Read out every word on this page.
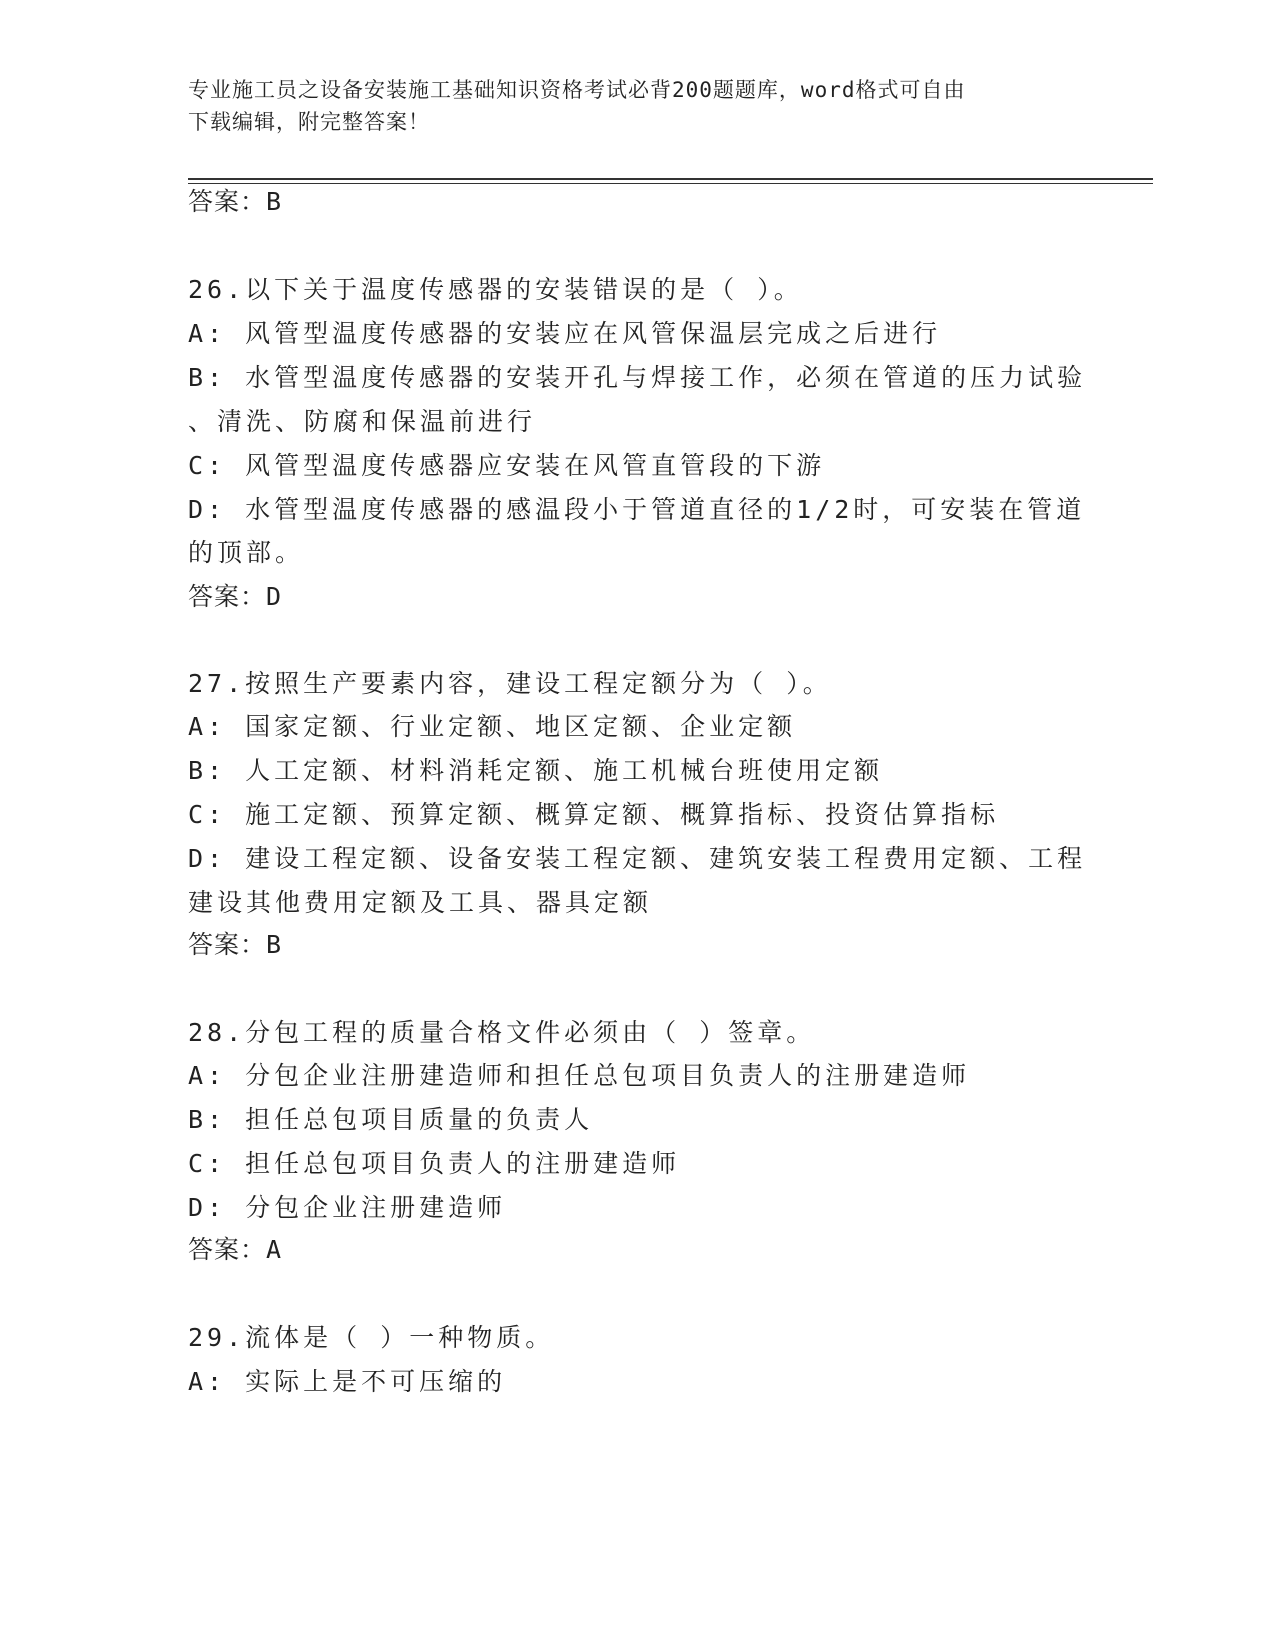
专业施工员之设备安装施工基础知识资格考试必背200题题库，word格式可自由
下载编辑，附完整答案！
答案：B
26.以下关于温度传感器的安装错误的是（ ）。
A: 风管型温度传感器的安装应在风管保温层完成之后进行
B: 水管型温度传感器的安装开孔与焊接工作，必须在管道的压力试验
、清洗、防腐和保温前进行
C: 风管型温度传感器应安装在风管直管段的下游
D: 水管型温度传感器的感温段小于管道直径的1/2时，可安装在管道
的顶部。
答案：D
27.按照生产要素内容，建设工程定额分为（ ）。
A: 国家定额、行业定额、地区定额、企业定额
B: 人工定额、材料消耗定额、施工机械台班使用定额
C: 施工定额、预算定额、概算定额、概算指标、投资估算指标
D: 建设工程定额、设备安装工程定额、建筑安装工程费用定额、工程
建设其他费用定额及工具、器具定额
答案：B
28.分包工程的质量合格文件必须由（ ）签章。
A: 分包企业注册建造师和担任总包项目负责人的注册建造师
B: 担任总包项目质量的负责人
C: 担任总包项目负责人的注册建造师
D: 分包企业注册建造师
答案：A
29.流体是（ ）一种物质。
A: 实际上是不可压缩的
